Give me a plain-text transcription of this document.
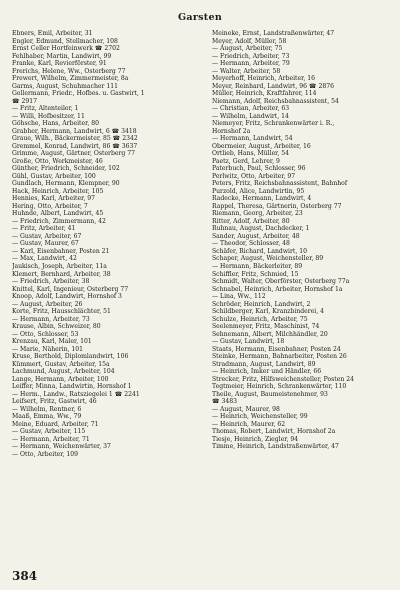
Garsten
Ebners, Emil, Arbeiter, 31
Engler, Edmund, Stellmacher, 108
Ernst Celler Hortfeinwerk ☎ 2702
Fehlhaber, Martin, Landwirt, 99
Franke, Karl, Revierförster, 91
Frerichs, Helene, Ww., Osterberg 77
Frewert, Wilhelm, Zimmermeister, 8a
Garms, August, Schuhmacher 111
Gellermann, Friedr., Hofbes. u. Gastwirt, 1
☎ 2917
— Fritz, Altenteiler, 1
— Willi, Hofbesitzer, 11
Göhsche, Hans, Arbeiter, 80
Grabher, Hermann, Landwirt, 6 ☎ 3418
Graue, Wilh., Bäckermeister, 85 ☎ 2342
Gremmel, Konrad, Landwirt, 86 ☎ 3637
Grimme, August, Gärtner, Osterberg 77
Große, Otto, Werkmeister, 46
Günther, Friedrich, Schneider, 102
Gühl, Gustav, Arbeiter, 100
Gundlach, Hermann, Klempner, 90
Hack, Heinrich, Arbeiter, 105
Hennies, Karl, Arbeiter, 97
Hering, Otto, Arbeiter, 7
Huhnde, Albert, Landwirt, 45
— Friedrich, Zimmermann, 42
— Fritz, Arbeiter, 41
— Gustav, Arbeiter, 67
— Gustav, Maurer, 67
— Karl, Eisenbahner, Posten 21
— Max, Landwirt, 42
Jaukisch, Joseph, Arbeiter, 11a
Klemert, Bernhard, Arbeiter, 38
— Friedrich, Arbeiter, 38
Knittel, Karl, Ingenieur, Osterberg 77
Knoop, Adolf, Landwirt, Hornshof 3
— August, Arbeiter, 26
Korte, Fritz, Hausschlächter, 51
— Hermann, Arbeiter, 73
Krause, Albin, Schweizer, 80
— Otto, Schlosser, 53
Krenzau, Karl, Maler, 101
— Marie, Näherin, 101
Kruse, Berthold, Diplomlandwirt, 106
Kümmert, Gustav, Arbeiter, 15a
Lachmund, August, Arbeiter, 104
Lange, Hermann, Arbeiter, 100
Leiffer, Minna, Landwirtin, Hornshof 1
— Herm., Landw., Ratsziegelei 1 ☎ 2241
Leifsert, Fritz, Gastwirt, 46
— Wilhelm, Rentner, 6
Maaß, Emma, Ww., 79
Meine, Eduard, Arbeiter, 71
— Gustav, Arbeiter, 115
— Hermann, Arbeiter, 71
— Hermann, Weichenwärter, 37
— Otto, Arbeiter, 109
Meineke, Ernst, Landstraßenwärter, 47
Meyer, Adolf, Müller, 58
— August, Arbeiter, 75
— Friedrich, Arbeiter, 73
— Hermann, Arbeiter, 79
— Walter, Arbeiter, 58
Meyerhoff, Heinrich, Arbeiter, 16
Meyer, Reinhard, Landwirt, 96 ☎ 2876
Müller, Heinrich, Kraftfahrer, 114
Niemann, Adolf, Reichsbahnassistent, 54
— Christian, Arbeiter, 63
— Wilhelm, Landwirt, 14
Niemeyer, Fritz, Schrankenwärter i. R.,
Hornshof 2a
— Hermann, Landwirt, 54
Obermeier, August, Arbeiter, 16
Ortlieb, Hans, Müller, 54
Paetz, Gerd, Lehrer, 9
Paterbuch, Paul, Schlosser, 96
Perlwitz, Otto, Arbeiter, 97
Peters, Fritz, Reichsbahnassistent, Bahnhof
Purzold, Alice, Landwirtin, 95
Radecke, Hermann, Landwirt, 4
Rappel, Theresa, Gärtnerin, Osterberg 77
Riemann, Georg, Arbeiter, 23
Ritter, Adolf, Arbeiter, 80
Ruhnau, August, Dachdecker, 1
Sander, August, Arbeiter, 48
— Theodor, Schlosser, 48
Schäfer, Richard, Landwirt, 10
Schaper, August, Weichensteller, 89
— Hermann, Bäckerleiter, 89
Schiffler, Fritz, Schmied, 15
Schmidt, Walter, Oberförster, Osterberg 77a
Schnabel, Heinrich, Arbeiter, Hornshof 1a
— Lina, Ww., 112
Schröder, Heinrich, Landwirt, 2
Schildberger, Karl, Kranzbinderei, 4
Schulze, Heinrich, Arbeiter, 75
Seelenmeyer, Fritz, Maschinist, 74
Sehnemann, Albert, Milchhändler, 20
— Gustav, Landwirt, 18
Staats, Hermann, Eisenbahner, Posten 24
Steinke, Hermann, Bahnarbeiter, Posten 26
Stradmann, August, Landwirt, 89
— Heinrich, Imker und Händler, 66
Strecker, Fritz, Hilfsweichensteller, Posten 24
Tegtmeier, Heinrich, Schrankenwärter, 110
Theile, August, Baumeistenehmer, 93
☎ 3483
— August, Maurer, 98
— Heinrich, Weichensteller, 99
— Heinrich, Maurer, 62
Thomas, Robert, Landwirt, Hornshof 2a
Tiesje, Heinrich, Ziegler, 94
Timme, Heinrich, Landstraßenwärter, 47
384
